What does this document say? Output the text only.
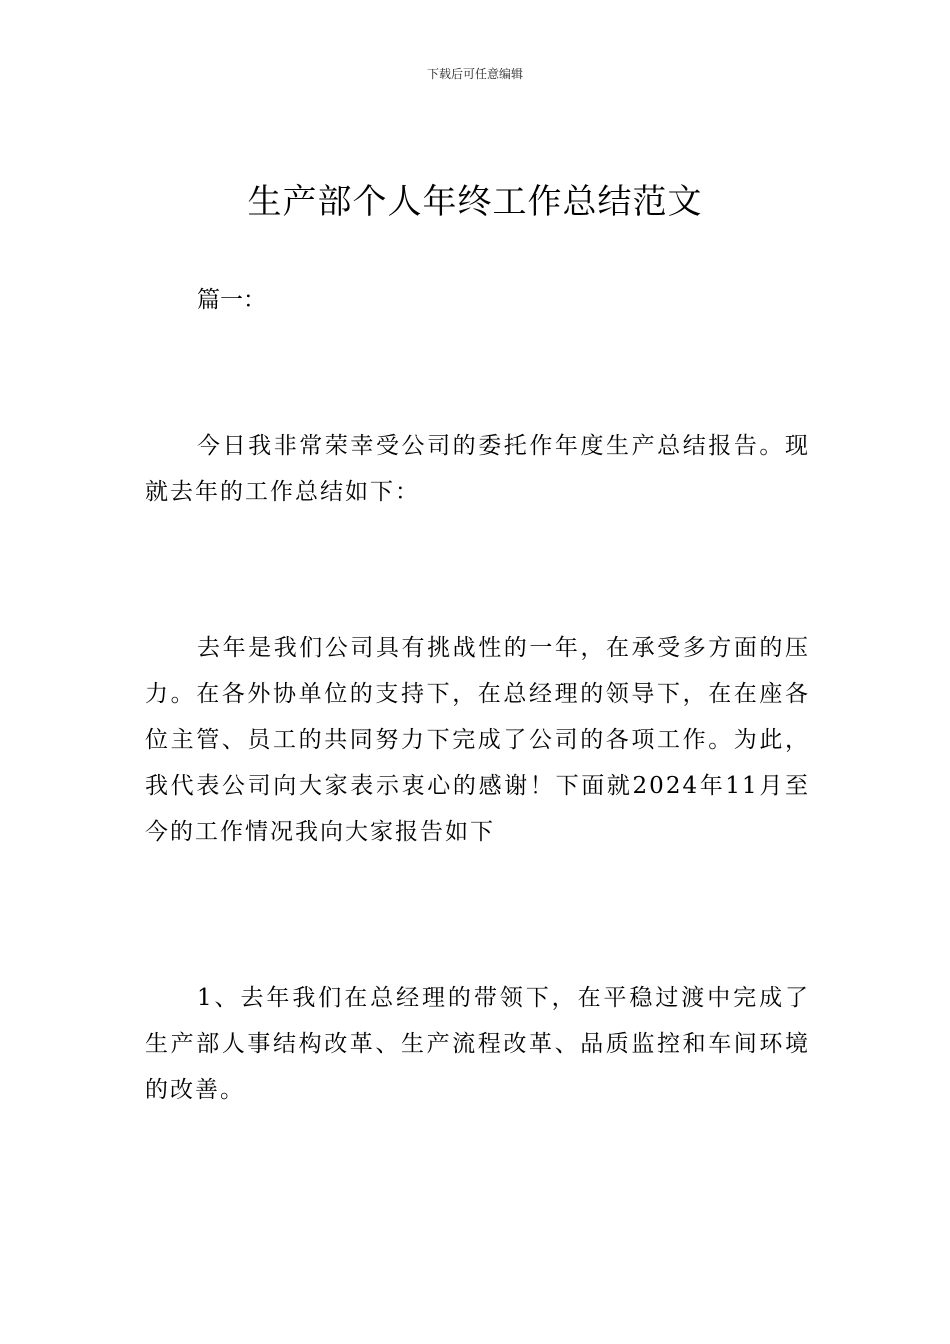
下载后可任意编辑
生产部个人年终工作总结范文
篇一：

今日我非常荣幸受公司的委托作年度生产总结报告。现就去年的工作总结如下：

去年是我们公司具有挑战性的一年，在承受多方面的压力。在各外协单位的支持下，在总经理的领导下，在在座各位主管、员工的共同努力下完成了公司的各项工作。为此，我代表公司向大家表示衷心的感谢！下面就2024年11月至今的工作情况我向大家报告如下

1、去年我们在总经理的带领下，在平稳过渡中完成了生产部人事结构改革、生产流程改革、品质监控和车间环境的改善。
